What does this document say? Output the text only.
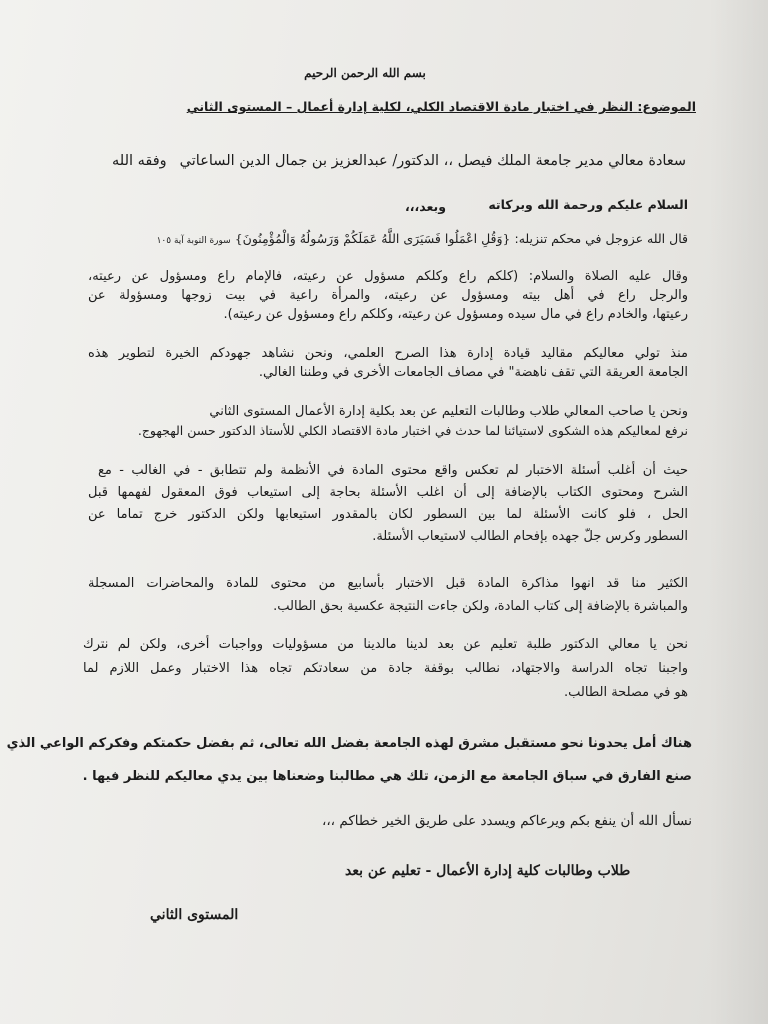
بسم الله الرحمن الرحيم
الموضوع: النظر في اختبار مادة الاقتصاد الكلي، لكلية إدارة أعمال – المستوى الثاني
سعادة معالي مدير جامعة الملك فيصل ،، الدكتور/ عبدالعزيز بن جمال الدين الساعاتي
وفقه الله
السلام عليكم ورحمة الله وبركاته
وبعد،،،
قال الله عزوجل في محكم تنزيله: {وَقُلِ اعْمَلُوا فَسَيَرَى اللَّهُ عَمَلَكُمْ وَرَسُولُهُ وَالْمُؤْمِنُونَ} سورة التوبة آية ١٠٥
وقال عليه الصلاة والسلام: (كلكم راع وكلكم مسؤول عن رعيته، فالإمام راع ومسؤول عن رعيته،
والرجل راع في أهل بيته ومسؤول عن رعيته، والمرأة راعية في بيت زوجها ومسؤولة عن
رعيتها، والخادم راع في مال سيده ومسؤول عن رعيته، وكلكم راع ومسؤول عن رعيته).
منذ تولي معاليكم مقاليد قيادة إدارة هذا الصرح العلمي، ونحن نشاهد جهودكم الخيرة لتطوير هذه
الجامعة العريقة التي تقف ناهضة" في مصاف الجامعات الأخرى في وطننا الغالي.
ونحن يا صاحب المعالي طلاب وطالبات التعليم عن بعد بكلية إدارة الأعمال المستوى الثاني
نرفع لمعاليكم هذه الشكوى لاستيائنا لما حدث في اختبار مادة الاقتصاد الكلي للأستاذ الدكتور حسن الهجهوج.
حيث أن أغلب أسئلة الاختبار لم تعكس واقع محتوى المادة في الأنظمة ولم تتطابق - في الغالب - مع
الشرح ومحتوى الكتاب بالإضافة إلى أن اغلب الأسئلة بحاجة إلى استيعاب فوق المعقول لفهمها قبل
الحل ، فلو كانت الأسئلة لما بين السطور لكان بالمقدور استيعابها ولكن الدكتور خرج تماما عن
السطور وكرس جلّ جهده بإفحام الطالب لاستيعاب الأسئلة.
الكثير منا قد انهوا مذاكرة المادة قبل الاختبار بأسابيع من محتوى للمادة والمحاضرات المسجلة
والمباشرة بالإضافة إلى كتاب المادة، ولكن جاءت النتيجة عكسية بحق الطالب.
نحن يا معالي الدكتور طلبة تعليم عن بعد لدينا مالدينا من مسؤوليات وواجبات أخرى، ولكن لم نترك
واجبنا تجاه الدراسة والاجتهاد، نطالب بوقفة جادة من سعادتكم تجاه هذا الاختبار وعمل اللازم لما
هو في مصلحة الطالب.
هناك أمل يحدونا نحو مستقبل مشرق لهذه الجامعة بفضل الله تعالى، ثم بفضل حكمتكم وفكركم الواعي الذي
صنع الفارق في سباق الجامعة مع الزمن، تلك هي مطالبنا وضعناها بين يدي معاليكم للنظر فيها .
نسأل الله أن ينفع بكم ويرعاكم ويسدد على طريق الخير خطاكم ،،،
طلاب وطالبات كلية إدارة الأعمال - تعليم عن بعد
المستوى الثاني
